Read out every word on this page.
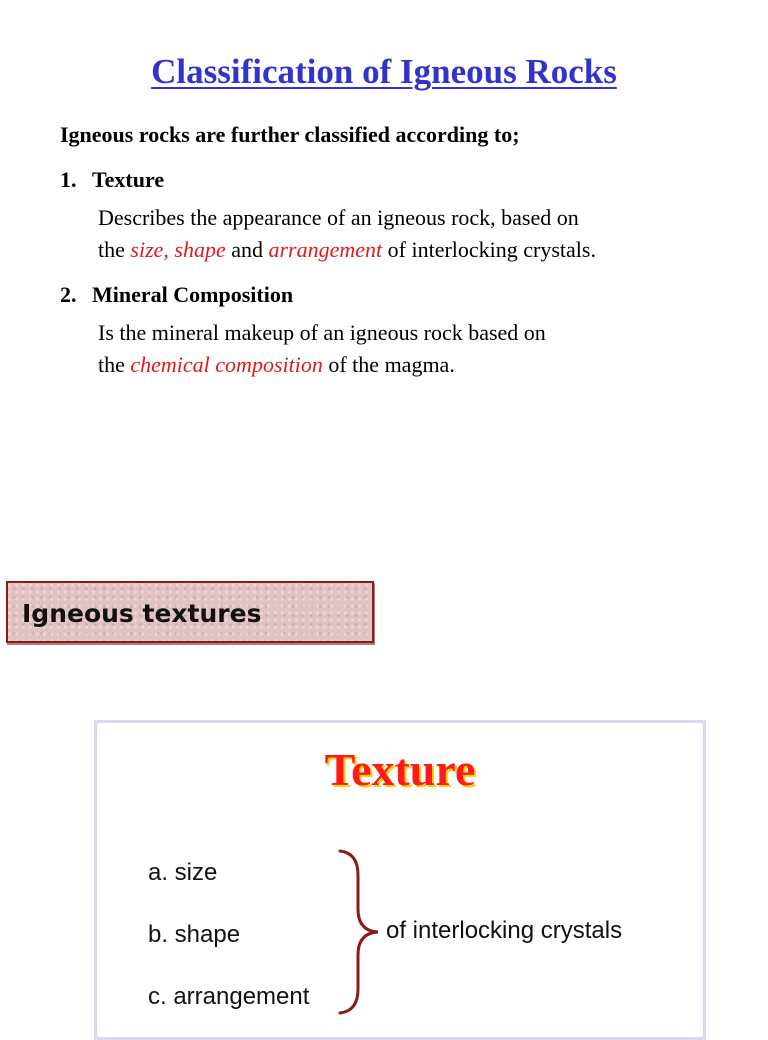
Classification of Igneous Rocks
Igneous rocks are further classified according to;
1. Texture
Describes the appearance of an igneous rock, based on
the size, shape and arrangement of interlocking crystals.
2. Mineral Composition
Is the mineral makeup of an igneous rock based on
the chemical composition of the magma.
Igneous textures
Texture
a. size
b. shape
c. arrangement
of interlocking crystals
